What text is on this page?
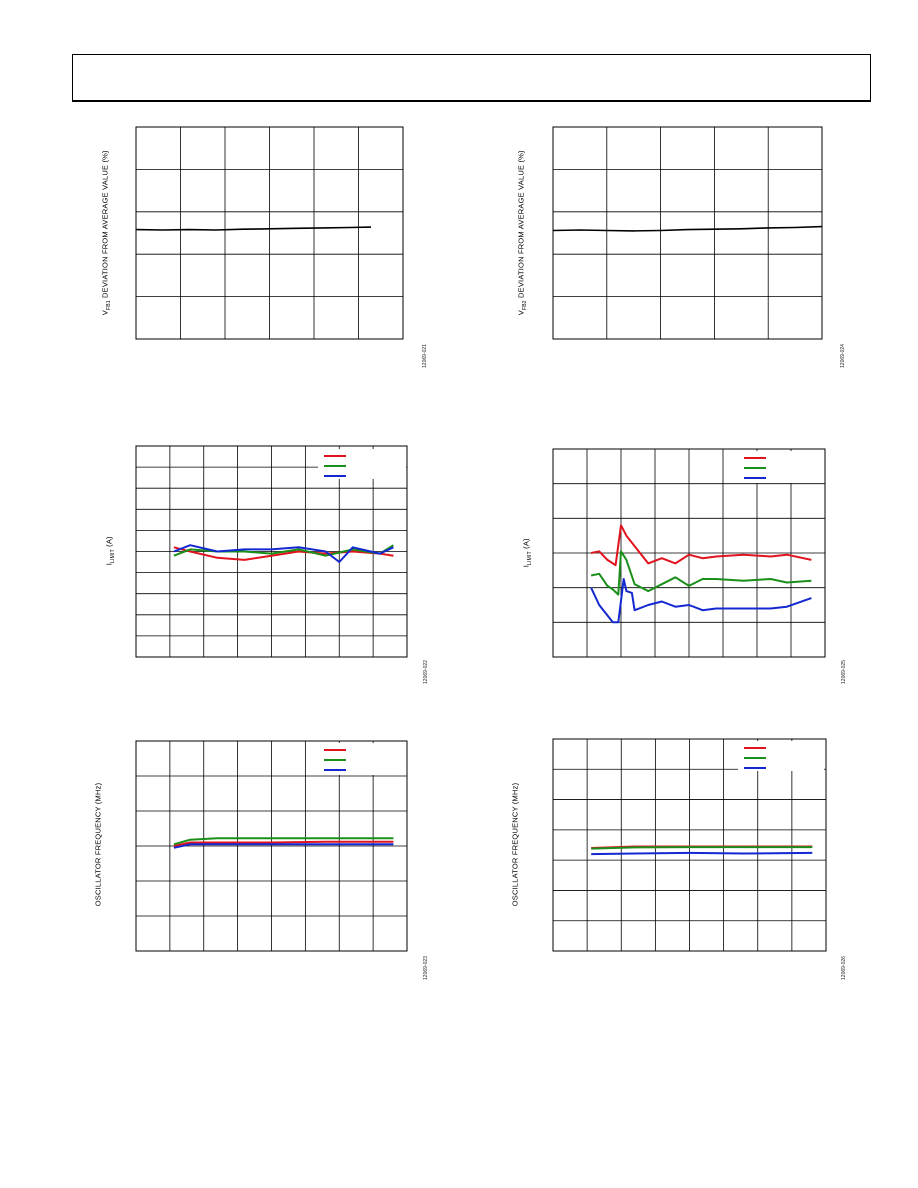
$V_{FB1}$ DEVIATION FROM AVERAGE VALUE (%)
12069-021
$V_{FB2}$ DEVIATION FROM AVERAGE VALUE (%)
12069-024
$I_{LIMIT}$ (A)
12069-022
$I_{LIMIT}$ (A)
12069-025
OSCILLATOR FREQUENCY (MHz)
12069-023
OSCILLATOR FREQUENCY (MHz)
12069-026
